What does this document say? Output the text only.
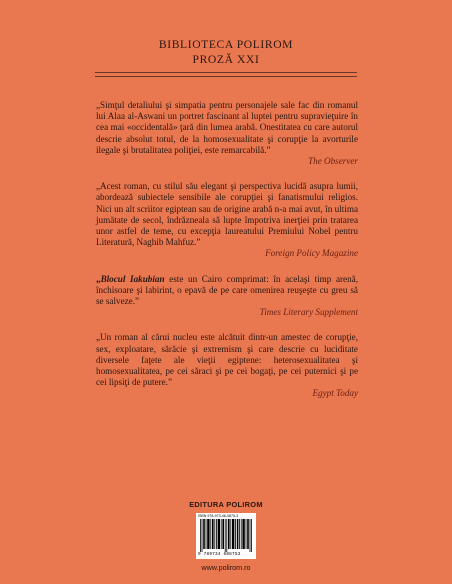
BIBLIOTECA POLIROM
PROZĂ XXI
„Simţul detaliului şi simpatia pentru personajele sale fac din romanul lui Alaa al-Aswani un portret fascinant al luptei pentru supravieţuire în cea mai «occidentală» ţară din lumea arabă. Onestitatea cu care autorul descrie absolut totul, de la homosexualitate şi corupţie la avorturile ilegale şi brutalitatea poliţiei, este remarcabilă.”
The Observer
„Acest roman, cu stilul său elegant şi perspectiva lucidă asupra lumii, abordează subiectele sensibile ale corupţiei şi fanatismului religios. Nici un alt scriitor egiptean sau de origine arabă n-a mai avut, în ultima jumătate de secol, îndrăzneala să lupte împotriva inerţiei prin tratarea unor astfel de teme, cu excepţia laureatului Premiului Nobel pentru Literatură, Naghib Mahfuz.”
Foreign Policy Magazine
„Blocul Iakubian este un Cairo comprimat: în acelaşi timp arenă, închisoare şi labirint, o epavă de pe care omenirea reuşeşte cu greu să se salveze.”
Times Literary Supplement
„Un roman al cărui nucleu este alcătuit dintr-un amestec de corupţie, sex, exploatare, sărăcie şi extremism şi care descrie cu luciditate diversele faţete ale vieţii egiptene: heterosexualitatea şi homosexualitatea, pe cei săraci şi pe cei bogaţi, pe cei puternici şi pe cei lipsiţi de putere.”
Egypt Today
EDITURA POLIROM
ISBN 978-973-46-0875-3
9 789734 608753
www.polirom.ro
